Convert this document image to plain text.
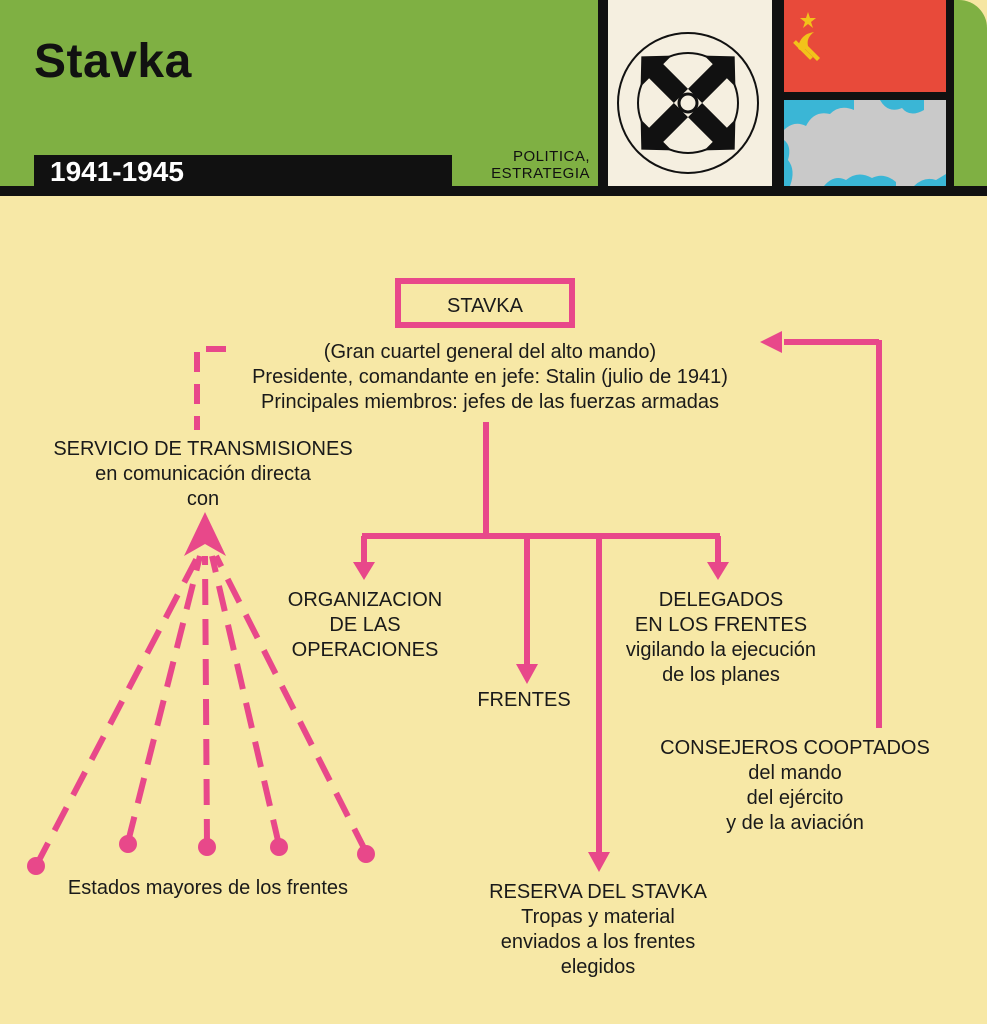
Stavka
1941-1945	POLITICA,
ESTRATEGIA
STAVKA
(Gran cuartel general del alto mando)
Presidente, comandante en jefe: Stalin (julio de 1941)
Principales miembros: jefes de las fuerzas armadas
SERVICIO DE TRANSMISIONES
en comunicación directa
con
ORGANIZACION
DE LAS
OPERACIONES
FRENTES
DELEGADOS
EN LOS FRENTES
vigilando la ejecución
de los planes
CONSEJEROS COOPTADOS
del mando
del ejército
y de la aviación
Estados mayores de los frentes	RESERVA DEL STAVKA
Tropas y material
enviados a los frentes
elegidos
